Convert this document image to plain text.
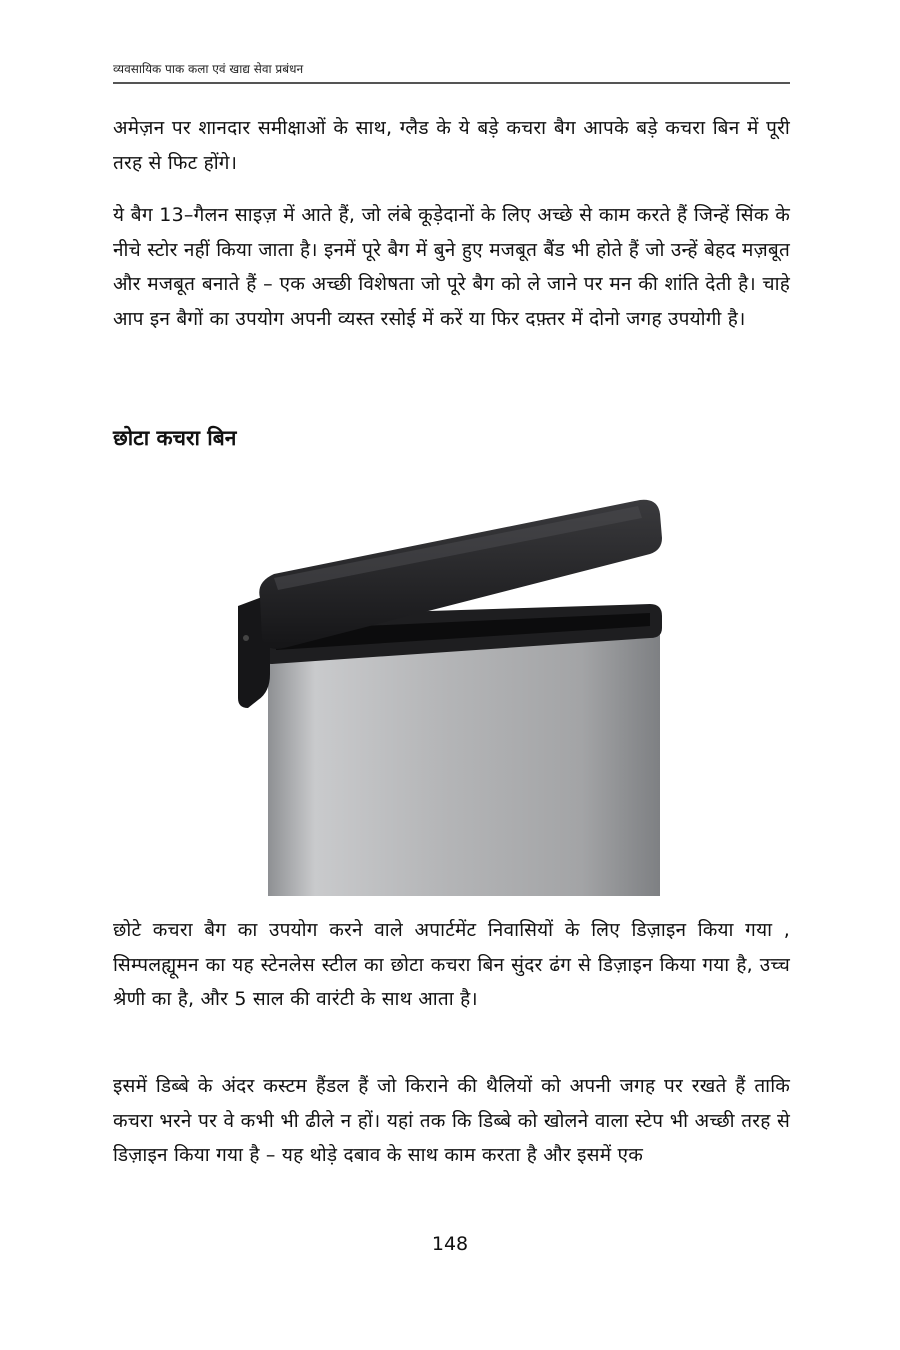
व्यवसायिक पाक कला एवं खाद्य सेवा प्रबंधन
अमेज़न पर शानदार समीक्षाओं के साथ, ग्लैड के ये बड़े कचरा बैग आपके बड़े कचरा बिन में पूरी तरह से फिट होंगे।
ये बैग 13–गैलन साइज़ में आते हैं, जो लंबे कूड़ेदानों के लिए अच्छे से काम करते हैं जिन्हें सिंक के नीचे स्टोर नहीं किया जाता है। इनमें पूरे बैग में बुने हुए मजबूत बैंड भी होते हैं जो उन्हें बेहद मज़बूत और मजबूत बनाते हैं – एक अच्छी विशेषता जो पूरे बैग को ले जाने पर मन की शांति देती है। चाहे आप इन बैगों का उपयोग अपनी व्यस्त रसोई में करें या फिर दफ़्तर में दोनो जगह उपयोगी है।
छोटा कचरा बिन
छोटे कचरा बैग का उपयोग करने वाले अपार्टमेंट निवासियों के लिए डिज़ाइन किया गया , सिम्पलह्यूमन का यह स्टेनलेस स्टील का छोटा कचरा बिन सुंदर ढंग से डिज़ाइन किया गया है, उच्च श्रेणी का है, और 5 साल की वारंटी के साथ आता है।
इसमें डिब्बे के अंदर कस्टम हैंडल हैं जो किराने की थैलियों को अपनी जगह पर रखते हैं ताकि कचरा भरने पर वे कभी भी ढीले न हों। यहां तक कि डिब्बे को खोलने वाला स्टेप भी अच्छी तरह से डिज़ाइन किया गया है – यह थोड़े दबाव के साथ काम करता है और इसमें एक
148
